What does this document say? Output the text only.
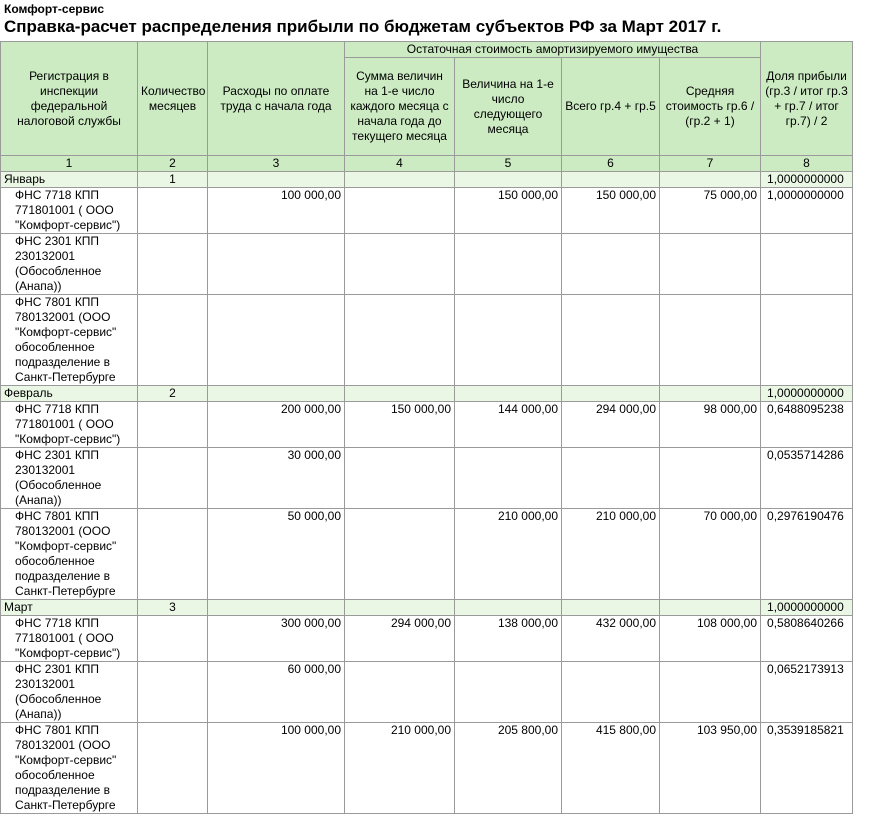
Комфорт-сервис
Справка-расчет распределения прибыли по бюджетам субъектов РФ за Март 2017 г.
Регистрация в инспекции федеральной налоговой службы	Количество месяцев	Расходы по оплате труда с начала года	Остаточная стоимость амортизируемого имущества				Доля прибыли (гр.3 / итог гр.3 + гр.7 / итог гр.7) / 2
			Сумма величин на 1-е число каждого месяца с начала года до текущего месяца	Величина на 1-е число следующего месяца	Всего гр.4 + гр.5	Средняя стоимость гр.6 / (гр.2 + 1)	
1	2	3	4	5	6	7	8
Январь	1						1,0000000000
ФНС 7718 КПП 771801001 ( ООО "Комфорт-сервис")		100 000,00		150 000,00	150 000,00	75 000,00	1,0000000000
ФНС 2301 КПП 230132001 (Обособленное (Анапа))							
ФНС 7801 КПП 780132001 (ООО "Комфорт-сервис" обособленное подразделение в Санкт-Петербурге							
Февраль	2						1,0000000000
ФНС 7718 КПП 771801001 ( ООО "Комфорт-сервис")		200 000,00	150 000,00	144 000,00	294 000,00	98 000,00	0,6488095238
ФНС 2301 КПП 230132001 (Обособленное (Анапа))		30 000,00					0,0535714286
ФНС 7801 КПП 780132001 (ООО "Комфорт-сервис" обособленное подразделение в Санкт-Петербурге		50 000,00		210 000,00	210 000,00	70 000,00	0,2976190476
Март	3						1,0000000000
ФНС 7718 КПП 771801001 ( ООО "Комфорт-сервис")		300 000,00	294 000,00	138 000,00	432 000,00	108 000,00	0,5808640266
ФНС 2301 КПП 230132001 (Обособленное (Анапа))		60 000,00					0,0652173913
ФНС 7801 КПП 780132001 (ООО "Комфорт-сервис" обособленное подразделение в Санкт-Петербурге		100 000,00	210 000,00	205 800,00	415 800,00	103 950,00	0,3539185821
